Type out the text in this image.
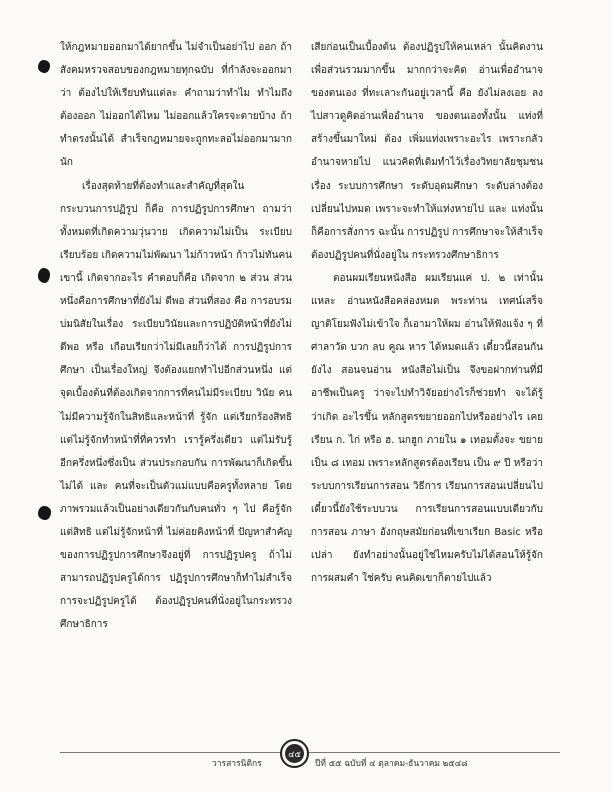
ให้กฎหมายออกมาได้ยากขึ้น ไม่จำเป็นอย่าไป ออก ถ้าสังคมหรวจสอบของกฎหมายทุกฉบับ ที่กำลังจะออกมาว่า ต้องไปให้เรียบทันแต่ละ คำถามว่าทำไม ทำไมถึงต้องออก ไม่ออกได้ไหม ไม่ออกแล้วใครจะตายบ้าง ถ้าทำตรงนั้นได้ สำเร็จกฎหมายจะถูกทะลอไม่ออกมามากนัก

เรื่องสุดท้ายที่ต้องทำและสำคัญที่สุดใน กระบวนการปฏิรูป ก็คือ การปฏิรูปการศึกษา ถามว่าทั้งหมดที่เกิดความวุ่นวาย เกิดความไม่เป็น ระเบียบเรียบร้อย เกิดความไม่พัฒนา ไม่ก้าวหน้า ก้าวไม่ทันคนเขานี้ เกิดจากอะไร คำตอบก็คือ เกิดจาก ๒ ส่วน ส่วนหนึ่งคือการศึกษาที่ยังไม่ ดีพอ ส่วนที่สอง คือ การอบรมบ่มนิสัยในเรื่อง ระเบียบวินัยและการปฏิบัติหน้าที่ยังไม่ดีพอ หรือ เกือบเรียกว่าไม่มีเลยก็ว่าได้ การปฏิรูปการศึกษา เป็นเรื่องใหญ่ จึงต้องแยกทำไปอีกส่วนหนึ่ง แต่ จุดเบื้องต้นที่ต้องเกิดจากการที่คนไม่มีระเบียบ วินัย คนไม่มีความรู้จักในสิทธิและหน้าที่ รู้จัก แต่เรียกร้องสิทธิ แต่ไม่รู้จักทำหน้าที่ที่ควรทำ เรารู้ครึ่งเดียว แต่ไม่รับรู้อีกครึ่งหนึ่งซึ่งเป็น ส่วนประกอบกัน การพัฒนาก็เกิดขึ้นไม่ได้ และ คนที่จะเป็นตัวแม่แบบคือครูทั้งหลาย โดย ภาพรวมแล้วเป็นอย่างเดียวกันกับคนทั่ว ๆ ไป คือรู้จักแต่สิทธิ แต่ไม่รู้จักหน้าที่ ไม่ค่อยคิงหน้าที่ ปัญหาสำคัญของการปฏิรูปการศึกษาจึงอยู่ที่ การปฏิรูปครู ถ้าไม่สามารถปฏิรูปครูได้การ ปฏิรูปการศึกษาก็ทำไม่สำเร็จ การจะปฏิรูปครูได้ ต้องปฏิรูปคนที่นั่งอยู่ในกระทรวงศึกษาธิการ

เสียก่อนเป็นเบื้องต้น ต้องปฏิรูปให้คนเหล่า นั้นคิดงานเพื่อส่วนรวมมากขึ้น มากกว่าจะคิด อ่านเพื่ออำนาจของตนเอง ที่ทะเลาะกันอยู่เวลานี้ คือ ยังไม่ลงเอย ลงไปสาวดูคิดอ่านเพื่ออำนาจ ของตนเองทั้งนั้น แท่งที่สร้างขึ้นมาใหม่ ต้อง เพิ่มแท่งเพราะอะไร เพราะกลัวอำนาจหายไป แนวคิดที่เดิมทำไว้เรื่องวิทยาลัยชุมชน เรื่อง ระบบการศึกษา ระดับอุดมศึกษา ระดับล่างต้อง เปลี่ยนไปหมด เพราะจะทำให้แท่งหายไป และ แท่งนั้นก็คือการสั่งการ ฉะนั้น การปฏิรูป การศึกษาจะให้สำเร็จต้องปฏิรูปคนที่นั่งอยู่ใน กระทรวงศึกษาธิการ

ตอนผมเรียนหนังสือ ผมเรียนแค่ ป. ๒ เท่านั้นแหละ อ่านหนังสือคล่องหมด พระท่าน เทศน์เสร็จ ญาติโยมฟังไม่เข้าใจ ก็เอามาให้ผม อ่านให้ฟังแจ้ง ๆ ที่ศาลาวัด บวก ลบ คูณ หาร ได้หมดแล้ว เดี๋ยวนี้สอนกันยังไง สอนจนอ่าน หนังสือไม่เป็น จึงขอฝากท่านที่มีอาชีพเป็นครู ว่าจะไปทำวิจัยอย่างไรก็ช่วยทำ จะได้รู้ว่าเกิด อะไรขึ้น หลักสูตรขยายออกไปหรืออย่างไร เคย เรียน ก. ไก่ หรือ ฮ. นกฮูก ภายใน ๑ เทอมตั้งจะ ขยายเป็น ๘ เทอม เพราะหลักสูตรต้องเรียน เป็น ๙ ปี หรือว่าระบบการเรียนการสอน วิธีการ เรียนการสอนเปลี่ยนไป เดี๋ยวนี้ยังใช้ระบบวน การเรียนการสอนแบบเดียวกับการสอน ภาษา อังกฤษสมัยก่อนที่เขาเรียก Basic หรือเปล่า ยังทำอย่างนั้นอยู่ใช่ไหมครับไม่ได้สอนให้รู้จัก การผสมคำ ใช่ครับ คนคิดเขาก็ตายไปแล้ว

วารสารนิติกร
๔๕
ปีที่ ๕๕ ฉบับที่ ๔ ตุลาคม-ธันวาคม ๒๕๔๘
